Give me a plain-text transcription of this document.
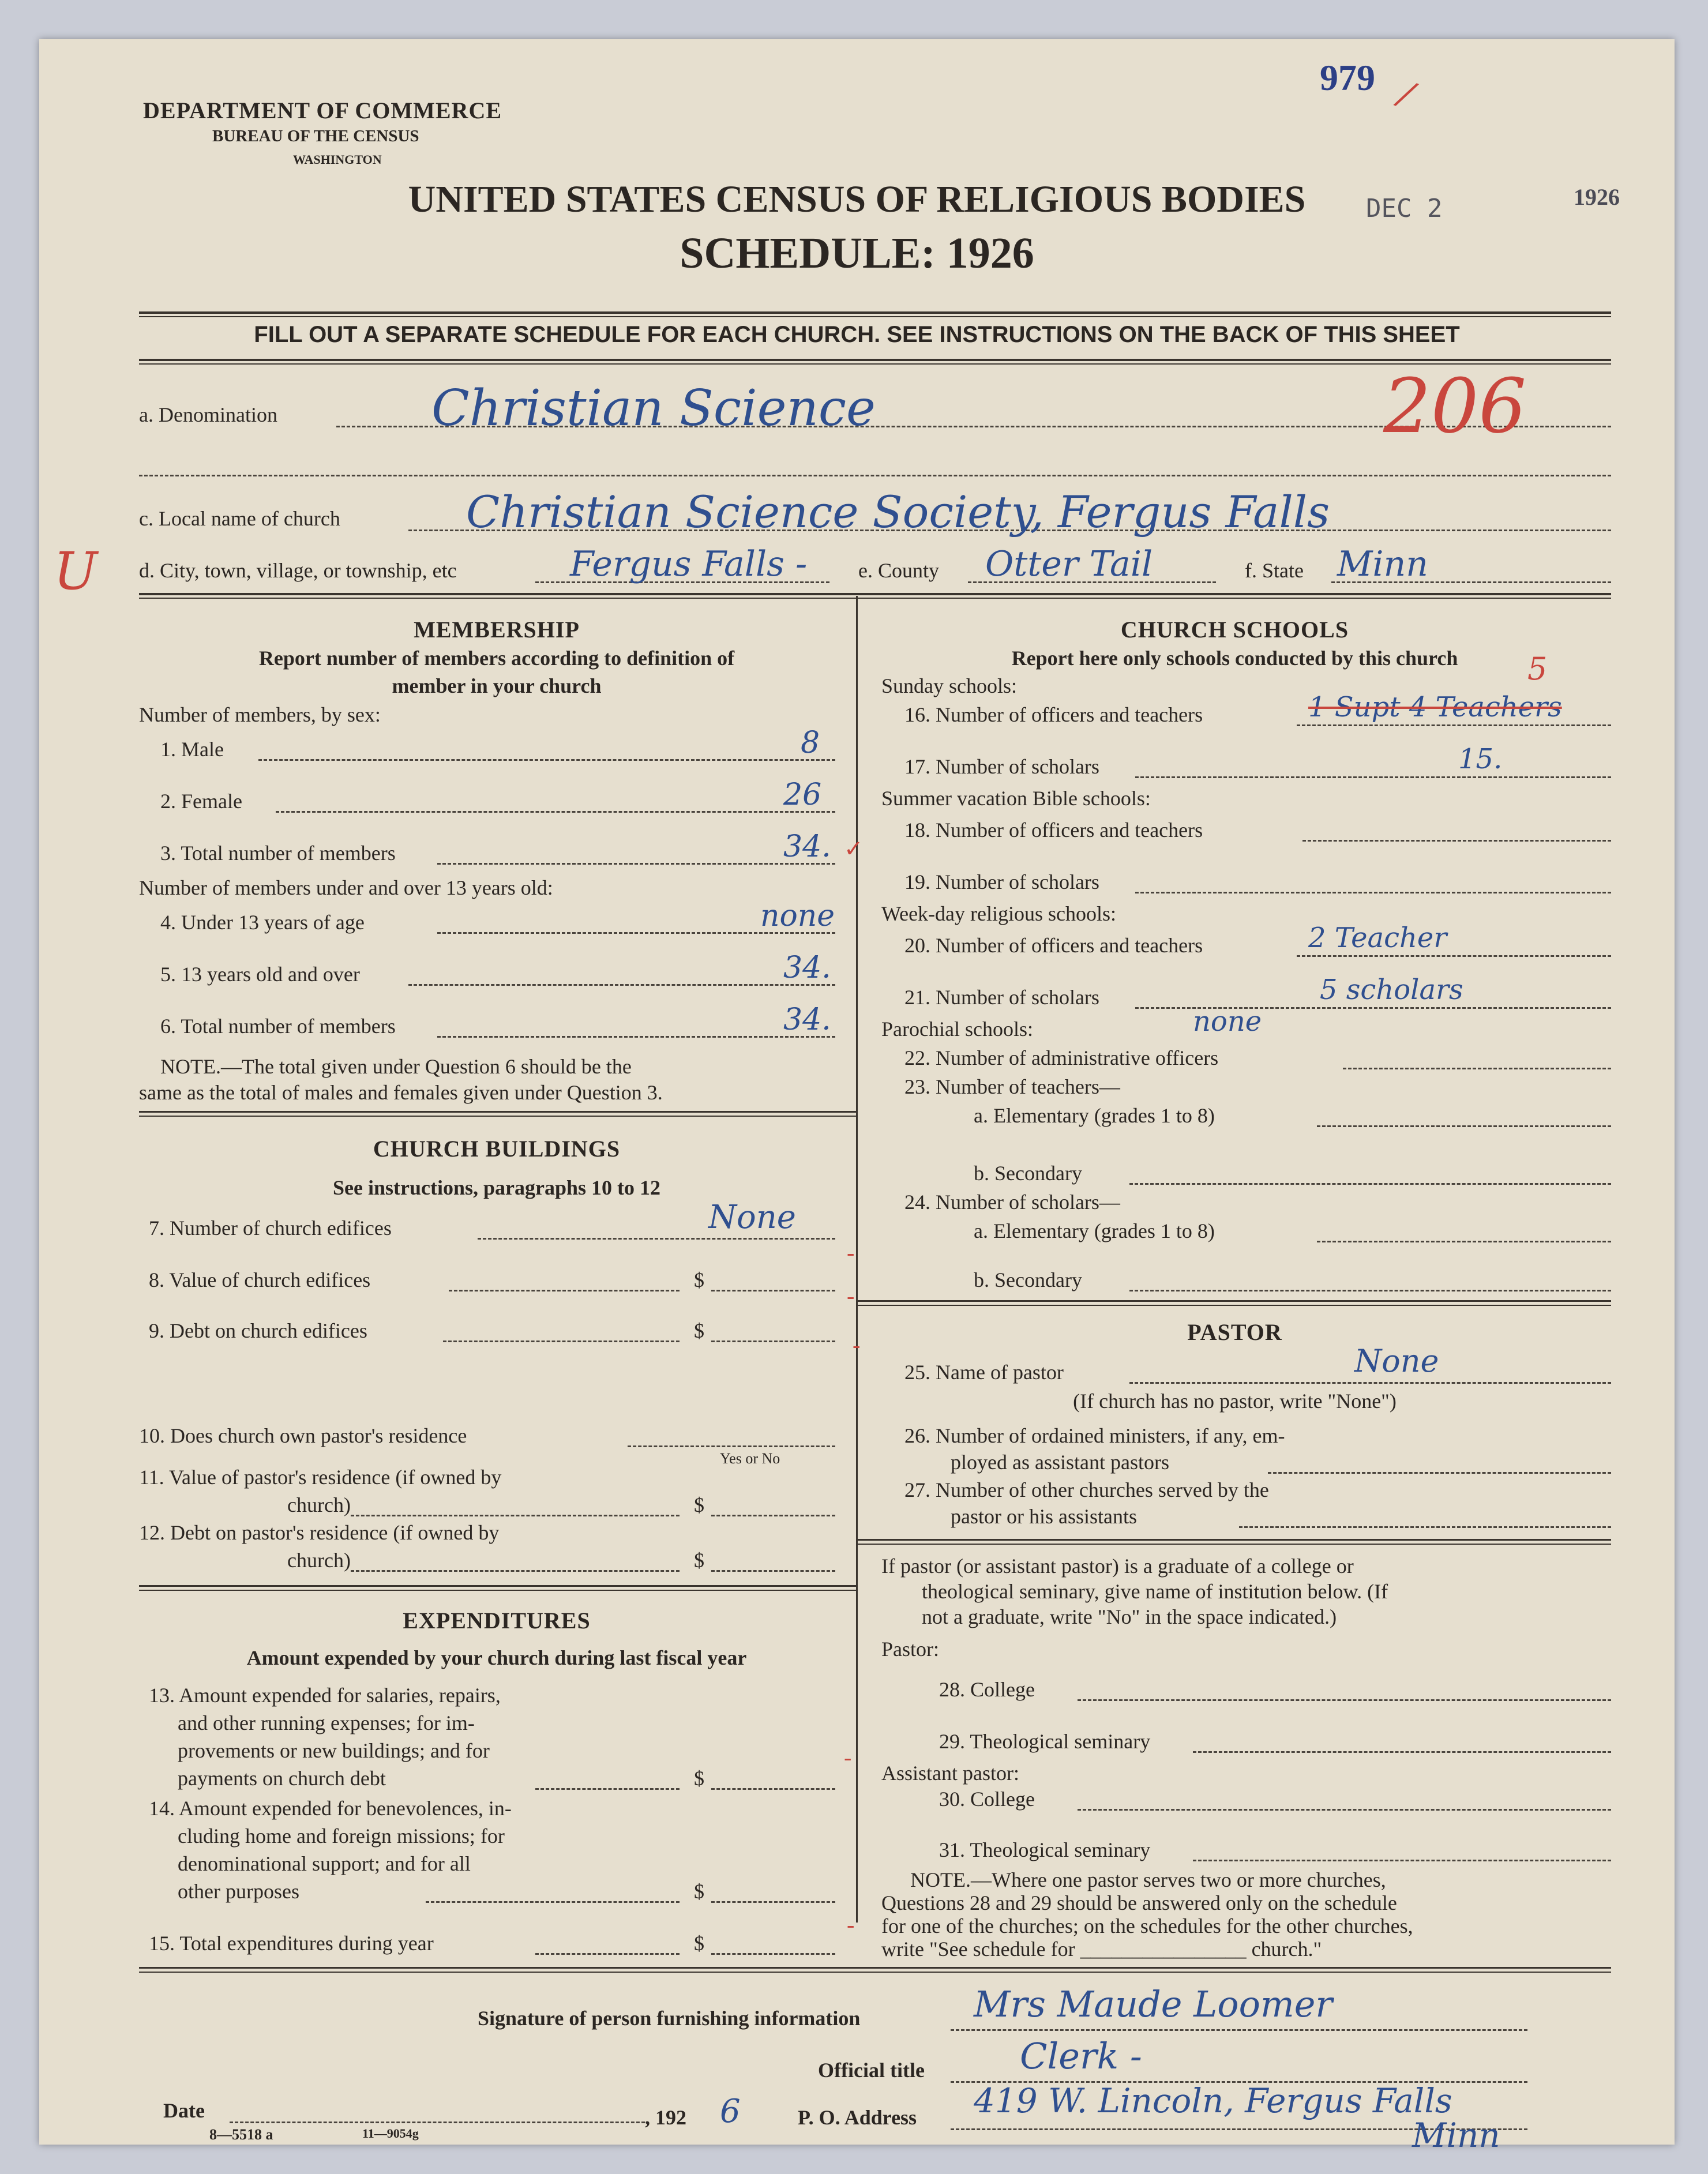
DEPARTMENT OF COMMERCE
BUREAU OF THE CENSUS
WASHINGTON
979 /
UNITED STATES CENSUS OF RELIGIOUS BODIES
SCHEDULE: 1926
DEC 2	1926
FILL OUT A SEPARATE SCHEDULE FOR EACH CHURCH. SEE INSTRUCTIONS ON THE BACK OF THIS SHEET
a. Denomination	Christian Science	206
c. Local name of church	Christian Science Society, Fergus Falls
U d. City, town, village, or township, etc	Fergus Falls - e. County Otter Tail	f. State Minn
MEMBERSHIP
Report number of members according to definition of
member in your church
Number of members, by sex:
1. Male	8
2. Female	26
3. Total number of members	34. ✓
Number of members under and over 13 years old:
4. Under 13 years of age	none
5. 13 years old and over	34.
6. Total number of members	34.
NOTE.—The total given under Question 6 should be the
same as the total of males and females given under Question 3.
CHURCH BUILDINGS
See instructions, paragraphs 10 to 12
7. Number of church edifices	None
8. Value of church edifices	$
9. Debt on church edifices	$
-
-
-
10. Does church own pastor's residence
Yes or No
11. Value of pastor's residence (if owned by
church)	$
12. Debt on pastor's residence (if owned by
church)	$
EXPENDITURES
Amount expended by your church during last fiscal year
13. Amount expended for salaries, repairs,
and other running expenses; for im-
provements or new buildings; and for
payments on church debt	$
-
14. Amount expended for benevolences, in-
cluding home and foreign missions; for
denominational support; and for all
other purposes	$
15. Total expenditures during year	$
-
CHURCH SCHOOLS
Report here only schools conducted by this church
Sunday schools:
16. Number of officers and teachers	1 Supt 4 Teachers
5
17. Number of scholars	15.
Summer vacation Bible schools:
18. Number of officers and teachers
19. Number of scholars
Week-day religious schools:
20. Number of officers and teachers	2 Teacher
21. Number of scholars	5 scholars
Parochial schools:	none
22. Number of administrative officers
23. Number of teachers—
a. Elementary (grades 1 to 8)
b. Secondary
24. Number of scholars—
a. Elementary (grades 1 to 8)
b. Secondary
PASTOR
25. Name of pastor	None
(If church has no pastor, write "None")
26. Number of ordained ministers, if any, em-
ployed as assistant pastors
27. Number of other churches served by the
pastor or his assistants
If pastor (or assistant pastor) is a graduate of a college or
theological seminary, give name of institution below. (If
not a graduate, write "No" in the space indicated.)
Pastor:
28. College
29. Theological seminary
Assistant pastor:
30. College
31. Theological seminary
NOTE.—Where one pastor serves two or more churches,
Questions 28 and 29 should be answered only on the schedule
for one of the churches; on the schedules for the other churches,
write "See schedule for ________________ church."
Signature of person furnishing information	Mrs Maude Loomer
Official title	Clerk -
Date	, 192 6	P. O. Address 419 W. Lincoln, Fergus Falls
Minn
8—5518 a	11—9054g
